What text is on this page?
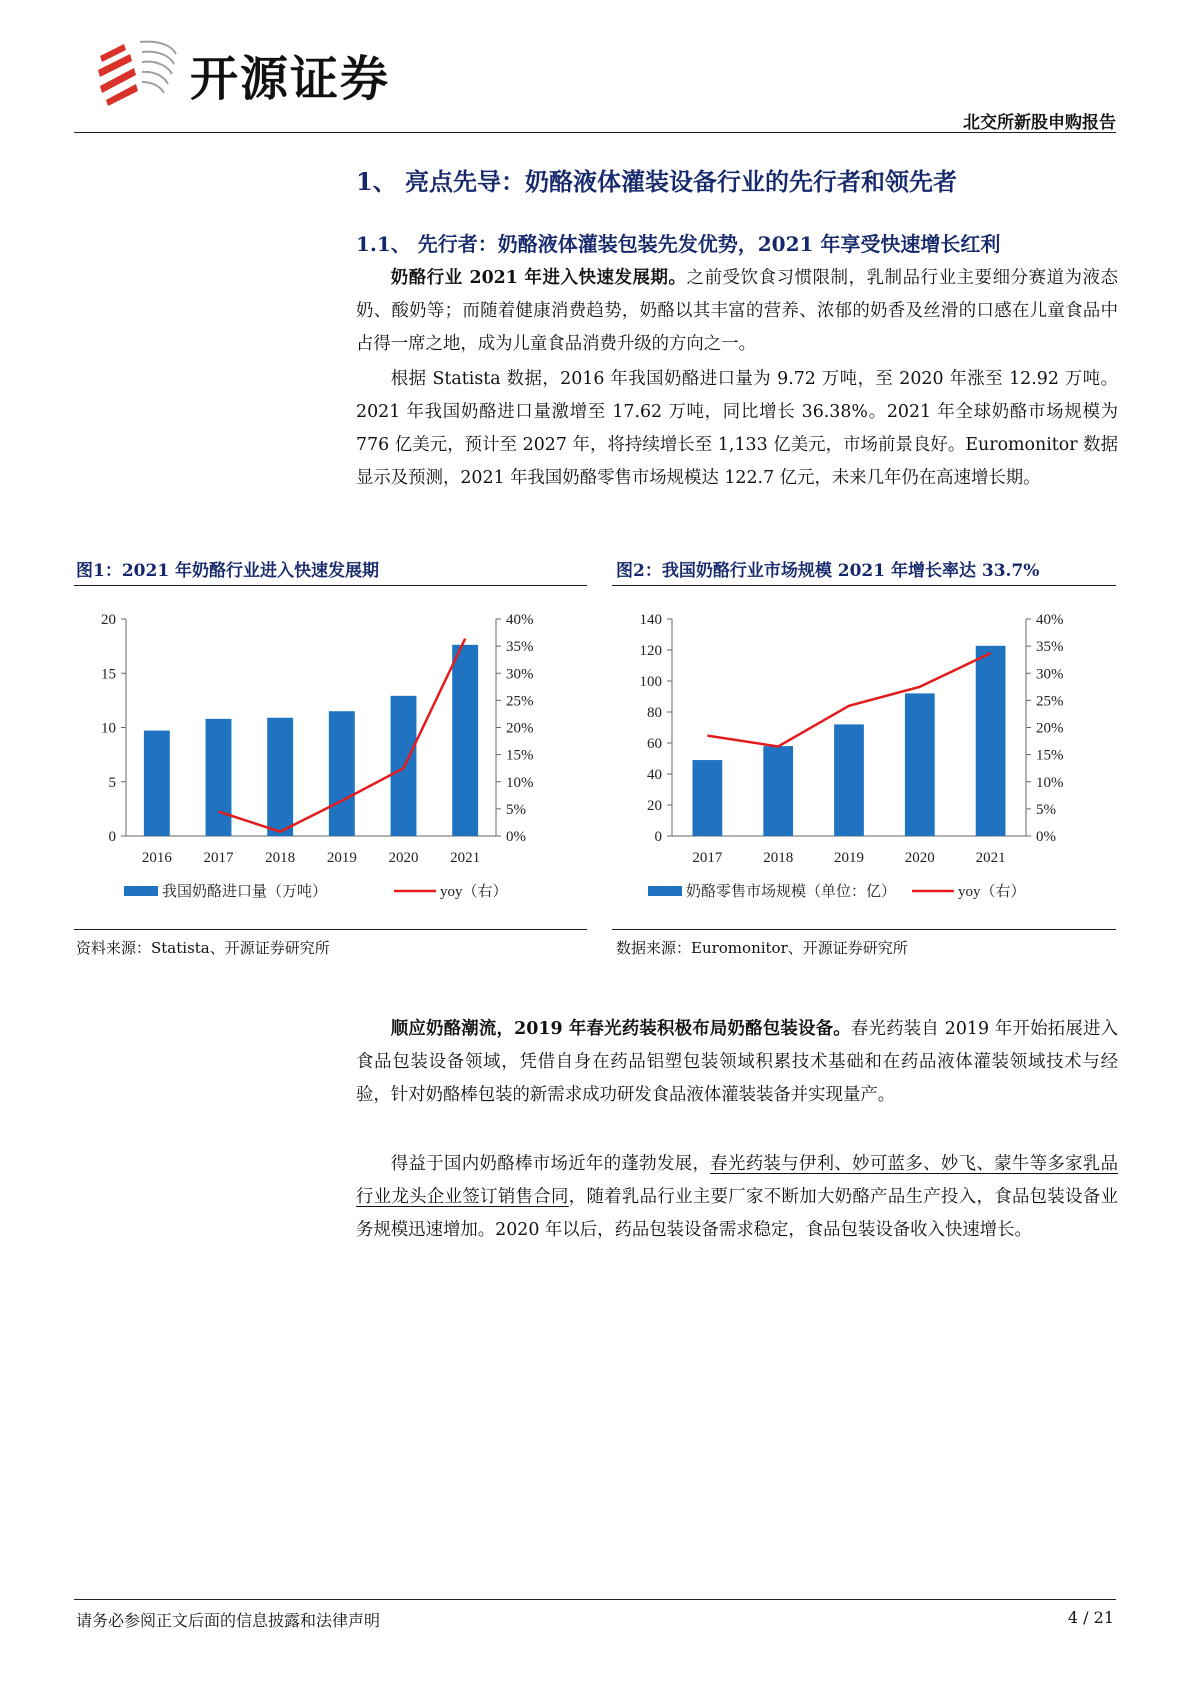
开源证券
北交所新股申购报告
1、 亮点先导：奶酪液体灌装设备行业的先行者和领先者
1.1、 先行者：奶酪液体灌装包装先发优势，2021 年享受快速增长红利

奶酪行业 2021 年进入快速发展期。之前受饮食习惯限制，乳制品行业主要细分赛道为液态奶、酸奶等；而随着健康消费趋势，奶酪以其丰富的营养、浓郁的奶香及丝滑的口感在儿童食品中占得一席之地，成为儿童食品消费升级的方向之一。

根据 Statista 数据，2016 年我国奶酪进口量为 9.72 万吨，至 2020 年涨至 12.92 万吨。2021 年我国奶酪进口量激增至 17.62 万吨，同比增长 36.38%。2021 年全球奶酪市场规模为 776 亿美元，预计至 2027 年，将持续增长至 1,133 亿美元，市场前景良好。Euromonitor 数据显示及预测，2021 年我国奶酪零售市场规模达 122.7 亿元，未来几年仍在高速增长期。

图1：2021 年奶酪行业进入快速发展期	图2：我国奶酪行业市场规模 2021 年增长率达 33.7%
0
5
10
15
20
0%
5%
10%
15%
20%
25%
30%
35%
40%
2016 2017 2018 2019 2020 2021
我国奶酪进口量（万吨）	yoy（右）
0
20
40
60
80
100
120
140
0%
5%
10%
15%
20%
25%
30%
35%
40%
2017	2018	2019	2020	2021
奶酪零售市场规模（单位：亿）	yoy（右）
资料来源：Statista、开源证券研究所	数据来源：Euromonitor、开源证券研究所

顺应奶酪潮流，2019 年春光药装积极布局奶酪包装设备。春光药装自 2019 年开始拓展进入食品包装设备领域，凭借自身在药品铝塑包装领域积累技术基础和在药品液体灌装领域技术与经验，针对奶酪棒包装的新需求成功研发食品液体灌装装备并实现量产。

得益于国内奶酪棒市场近年的蓬勃发展，春光药装与伊利、妙可蓝多、妙飞、蒙牛等多家乳品行业龙头企业签订销售合同，随着乳品行业主要厂家不断加大奶酪产品生产投入，食品包装设备业务规模迅速增加。2020 年以后，药品包装设备需求稳定，食品包装设备收入快速增长。

请务必参阅正文后面的信息披露和法律声明	4 / 21
